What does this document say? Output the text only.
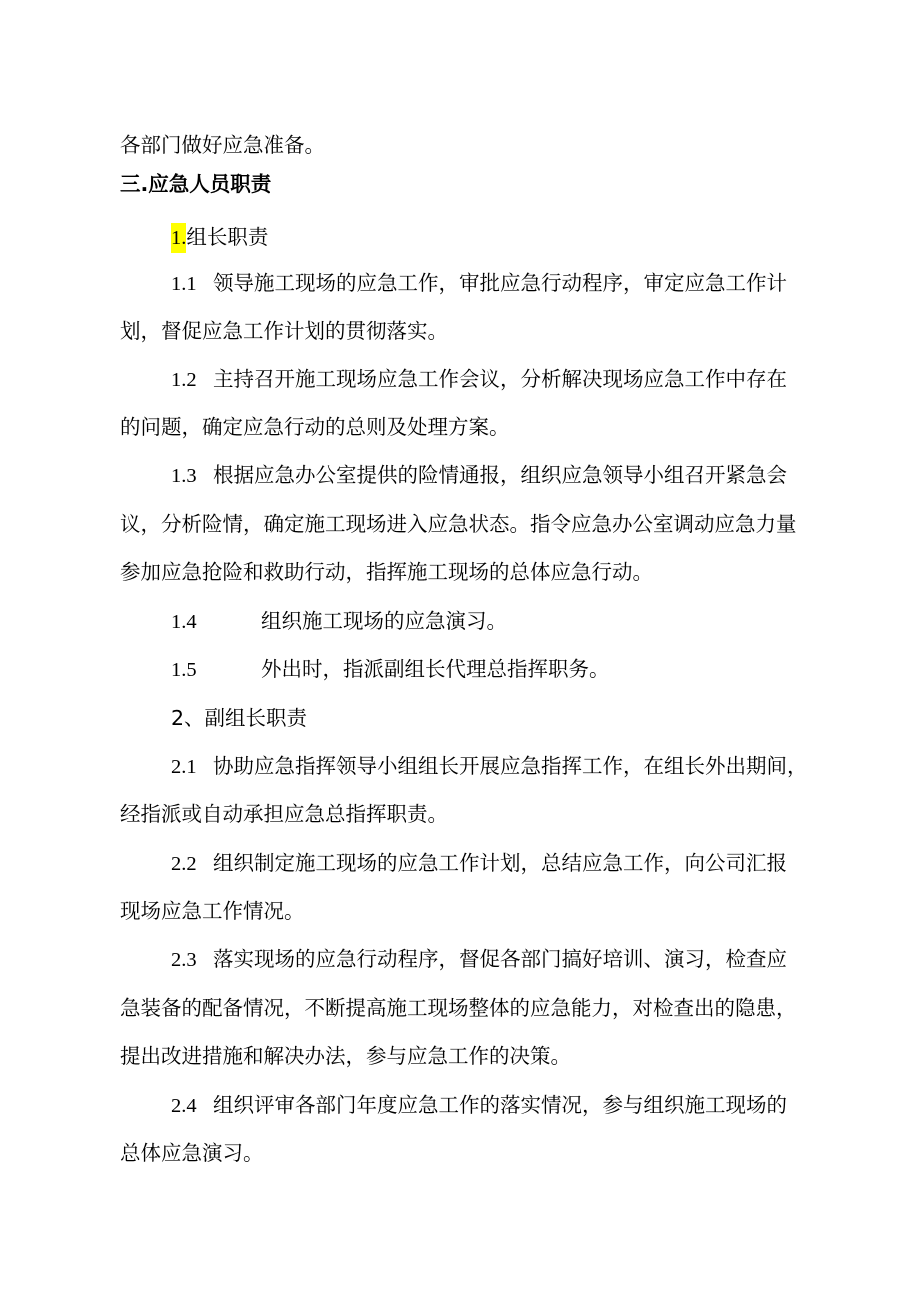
各部门做好应急准备。
三.应急人员职责
1.组长职责
1.1 领导施工现场的应急工作，审批应急行动程序，审定应急工作计
划，督促应急工作计划的贯彻落实。
1.2 主持召开施工现场应急工作会议，分析解决现场应急工作中存在
的问题，确定应急行动的总则及处理方案。
1.3 根据应急办公室提供的险情通报，组织应急领导小组召开紧急会
议，分析险情，确定施工现场进入应急状态。指令应急办公室调动应急力量
参加应急抢险和救助行动，指挥施工现场的总体应急行动。
1.4	组织施工现场的应急演习。
1.5	外出时，指派副组长代理总指挥职务。
2、副组长职责
2.1 协助应急指挥领导小组组长开展应急指挥工作，在组长外出期间，
经指派或自动承担应急总指挥职责。
2.2 组织制定施工现场的应急工作计划，总结应急工作，向公司汇报
现场应急工作情况。
2.3 落实现场的应急行动程序，督促各部门搞好培训、演习，检查应
急装备的配备情况，不断提高施工现场整体的应急能力，对检查出的隐患，
提出改进措施和解决办法，参与应急工作的决策。
2.4 组织评审各部门年度应急工作的落实情况，参与组织施工现场的
总体应急演习。
